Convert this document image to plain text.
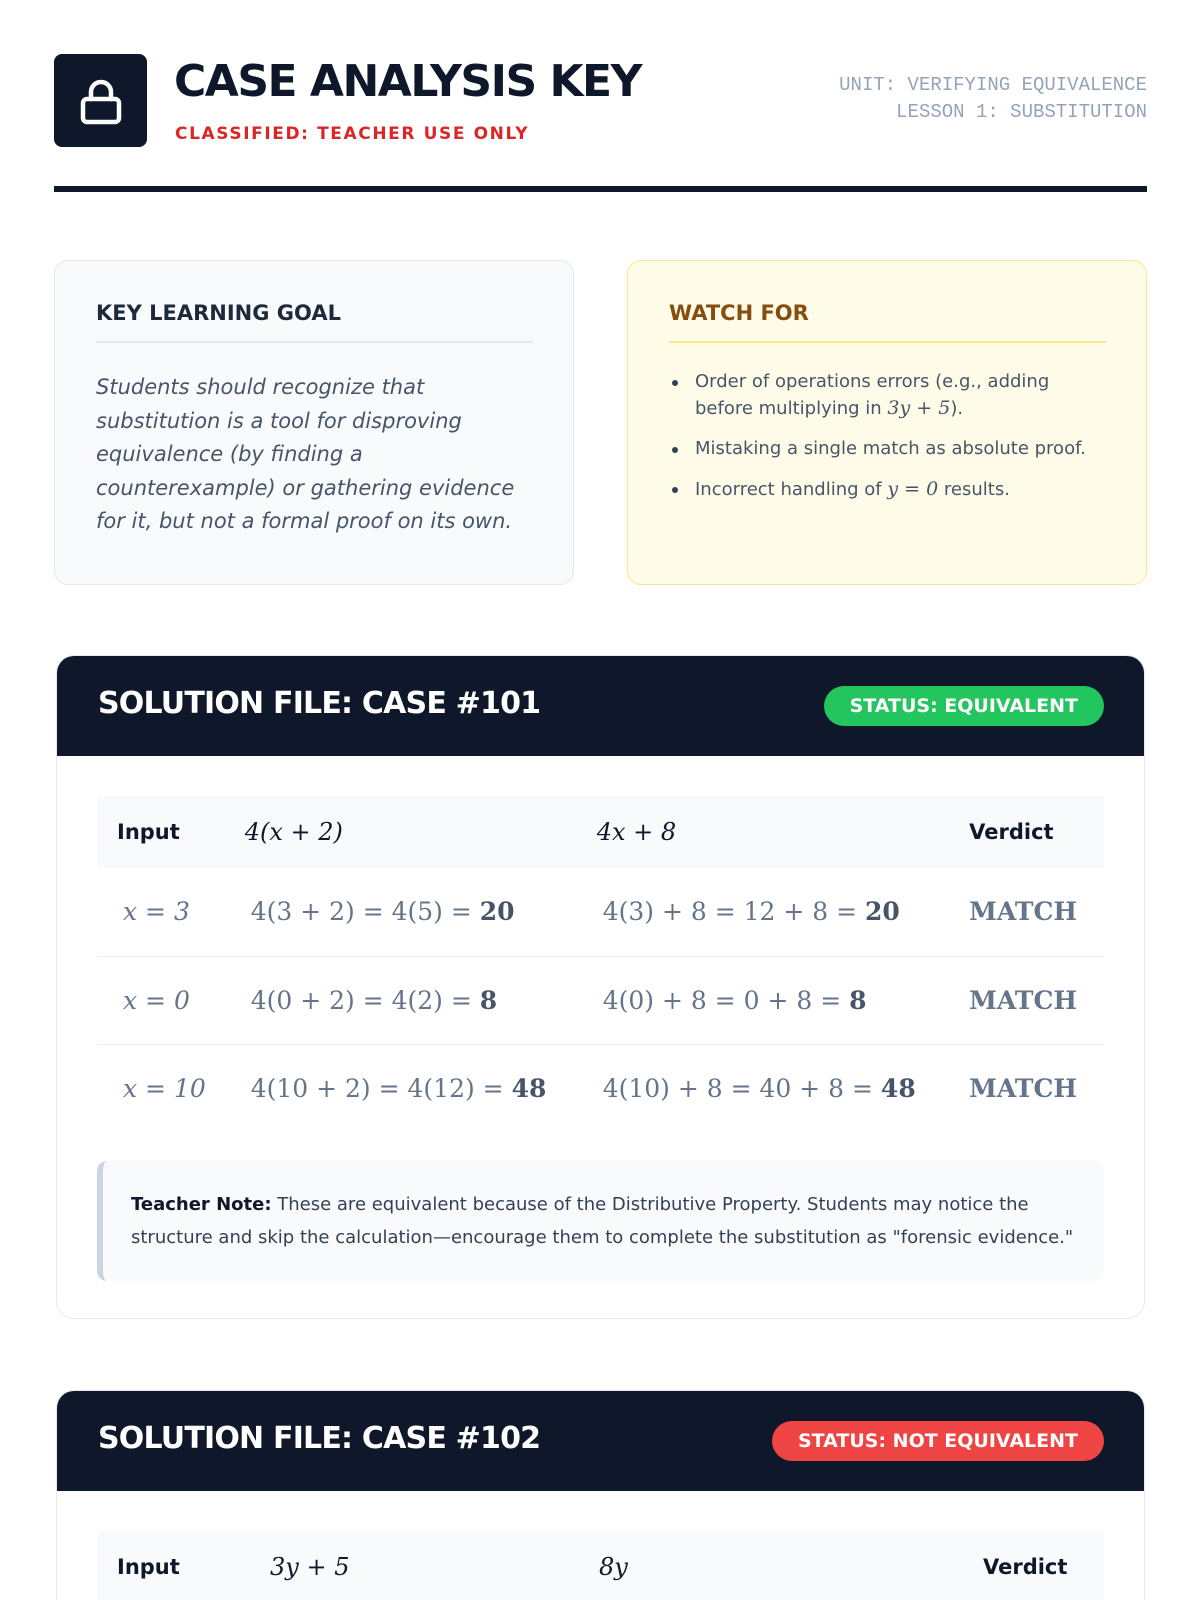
CASE ANALYSIS KEY
CLASSIFIED: TEACHER USE ONLY
UNIT: VERIFYING EQUIVALENCE
LESSON 1: SUBSTITUTION
KEY LEARNING GOAL

Students should recognize that substitution is a tool for disproving equivalence (by finding a counterexample) or gathering evidence for it, but not a formal proof on its own.

WATCH FOR
Order of operations errors (e.g., adding before multiplying in 3y + 5).
Mistaking a single match as absolute proof.
Incorrect handling of y = 0 results.
SOLUTION FILE: CASE #101	STATUS: EQUIVALENT
Input	4(x + 2)	4x + 8	Verdict
x = 3	4(3 + 2) = 4(5) = 20	4(3) + 8 = 12 + 8 = 20	MATCH
x = 0	4(0 + 2) = 4(2) = 8	4(0) + 8 = 0 + 8 = 8	MATCH
x = 10	4(10 + 2) = 4(12) = 48	4(10) + 8 = 40 + 8 = 48	MATCH
Teacher Note: These are equivalent because of the Distributive Property. Students may notice the structure and skip the calculation—encourage them to complete the substitution as "forensic evidence."
SOLUTION FILE: CASE #102	STATUS: NOT EQUIVALENT
Input	3y + 5	8y	Verdict
